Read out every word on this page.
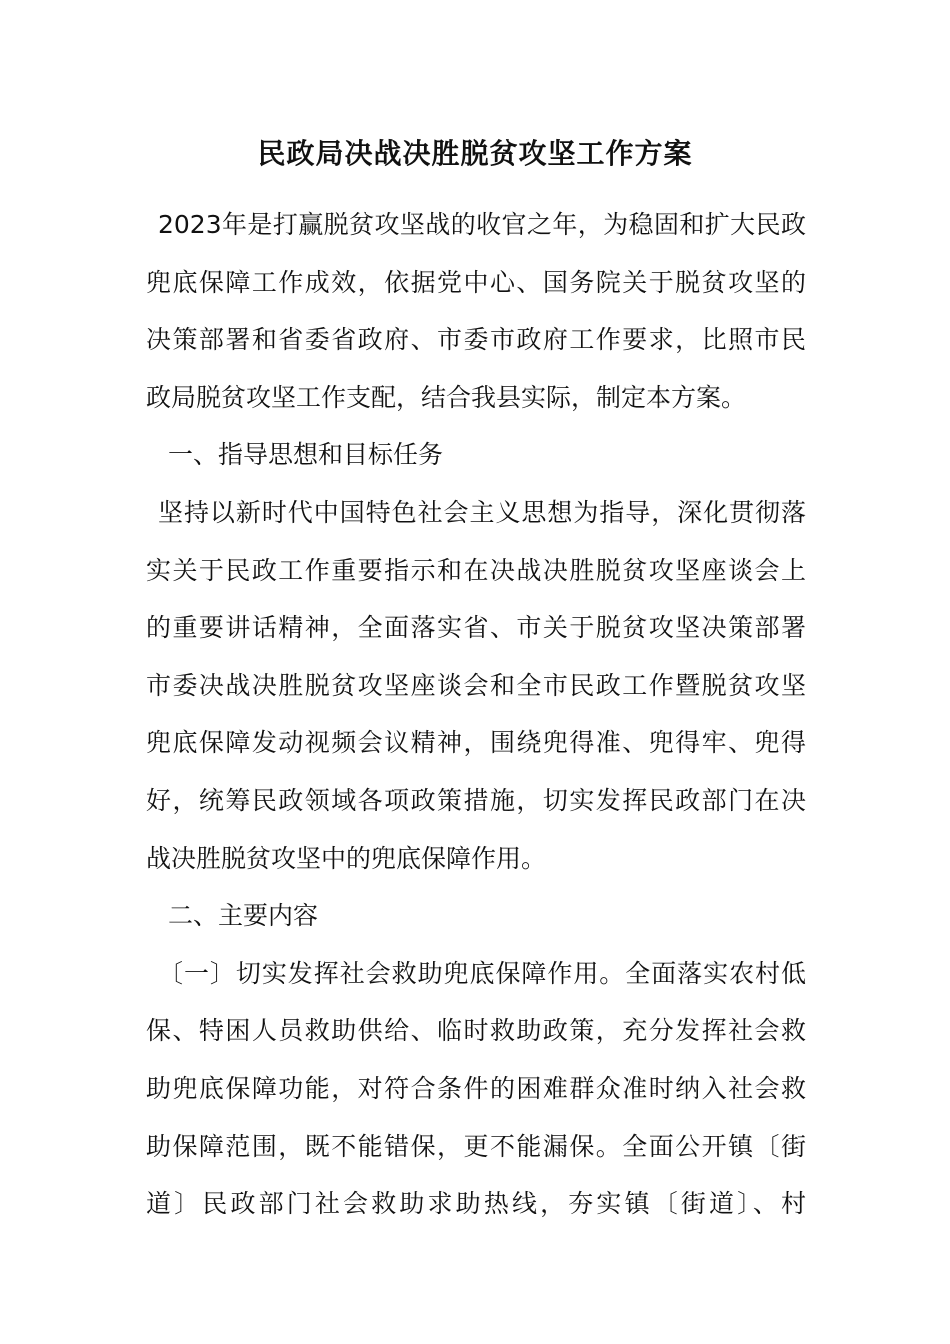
民政局决战决胜脱贫攻坚工作方案
2023年是打赢脱贫攻坚战的收官之年，为稳固和扩大民政
兜底保障工作成效，依据党中心、国务院关于脱贫攻坚的
决策部署和省委省政府、市委市政府工作要求，比照市民
政局脱贫攻坚工作支配，结合我县实际，制定本方案。
一、指导思想和目标任务
坚持以新时代中国特色社会主义思想为指导，深化贯彻落
实关于民政工作重要指示和在决战决胜脱贫攻坚座谈会上
的重要讲话精神，全面落实省、市关于脱贫攻坚决策部署
市委决战决胜脱贫攻坚座谈会和全市民政工作暨脱贫攻坚
兜底保障发动视频会议精神，围绕兜得准、兜得牢、兜得
好，统筹民政领域各项政策措施，切实发挥民政部门在决
战决胜脱贫攻坚中的兜底保障作用。
二、主要内容
〔一〕切实发挥社会救助兜底保障作用。全面落实农村低
保、特困人员救助供给、临时救助政策，充分发挥社会救
助兜底保障功能，对符合条件的困难群众准时纳入社会救
助保障范围，既不能错保，更不能漏保。全面公开镇〔街
道〕民政部门社会救助求助热线，夯实镇〔街道〕、村
